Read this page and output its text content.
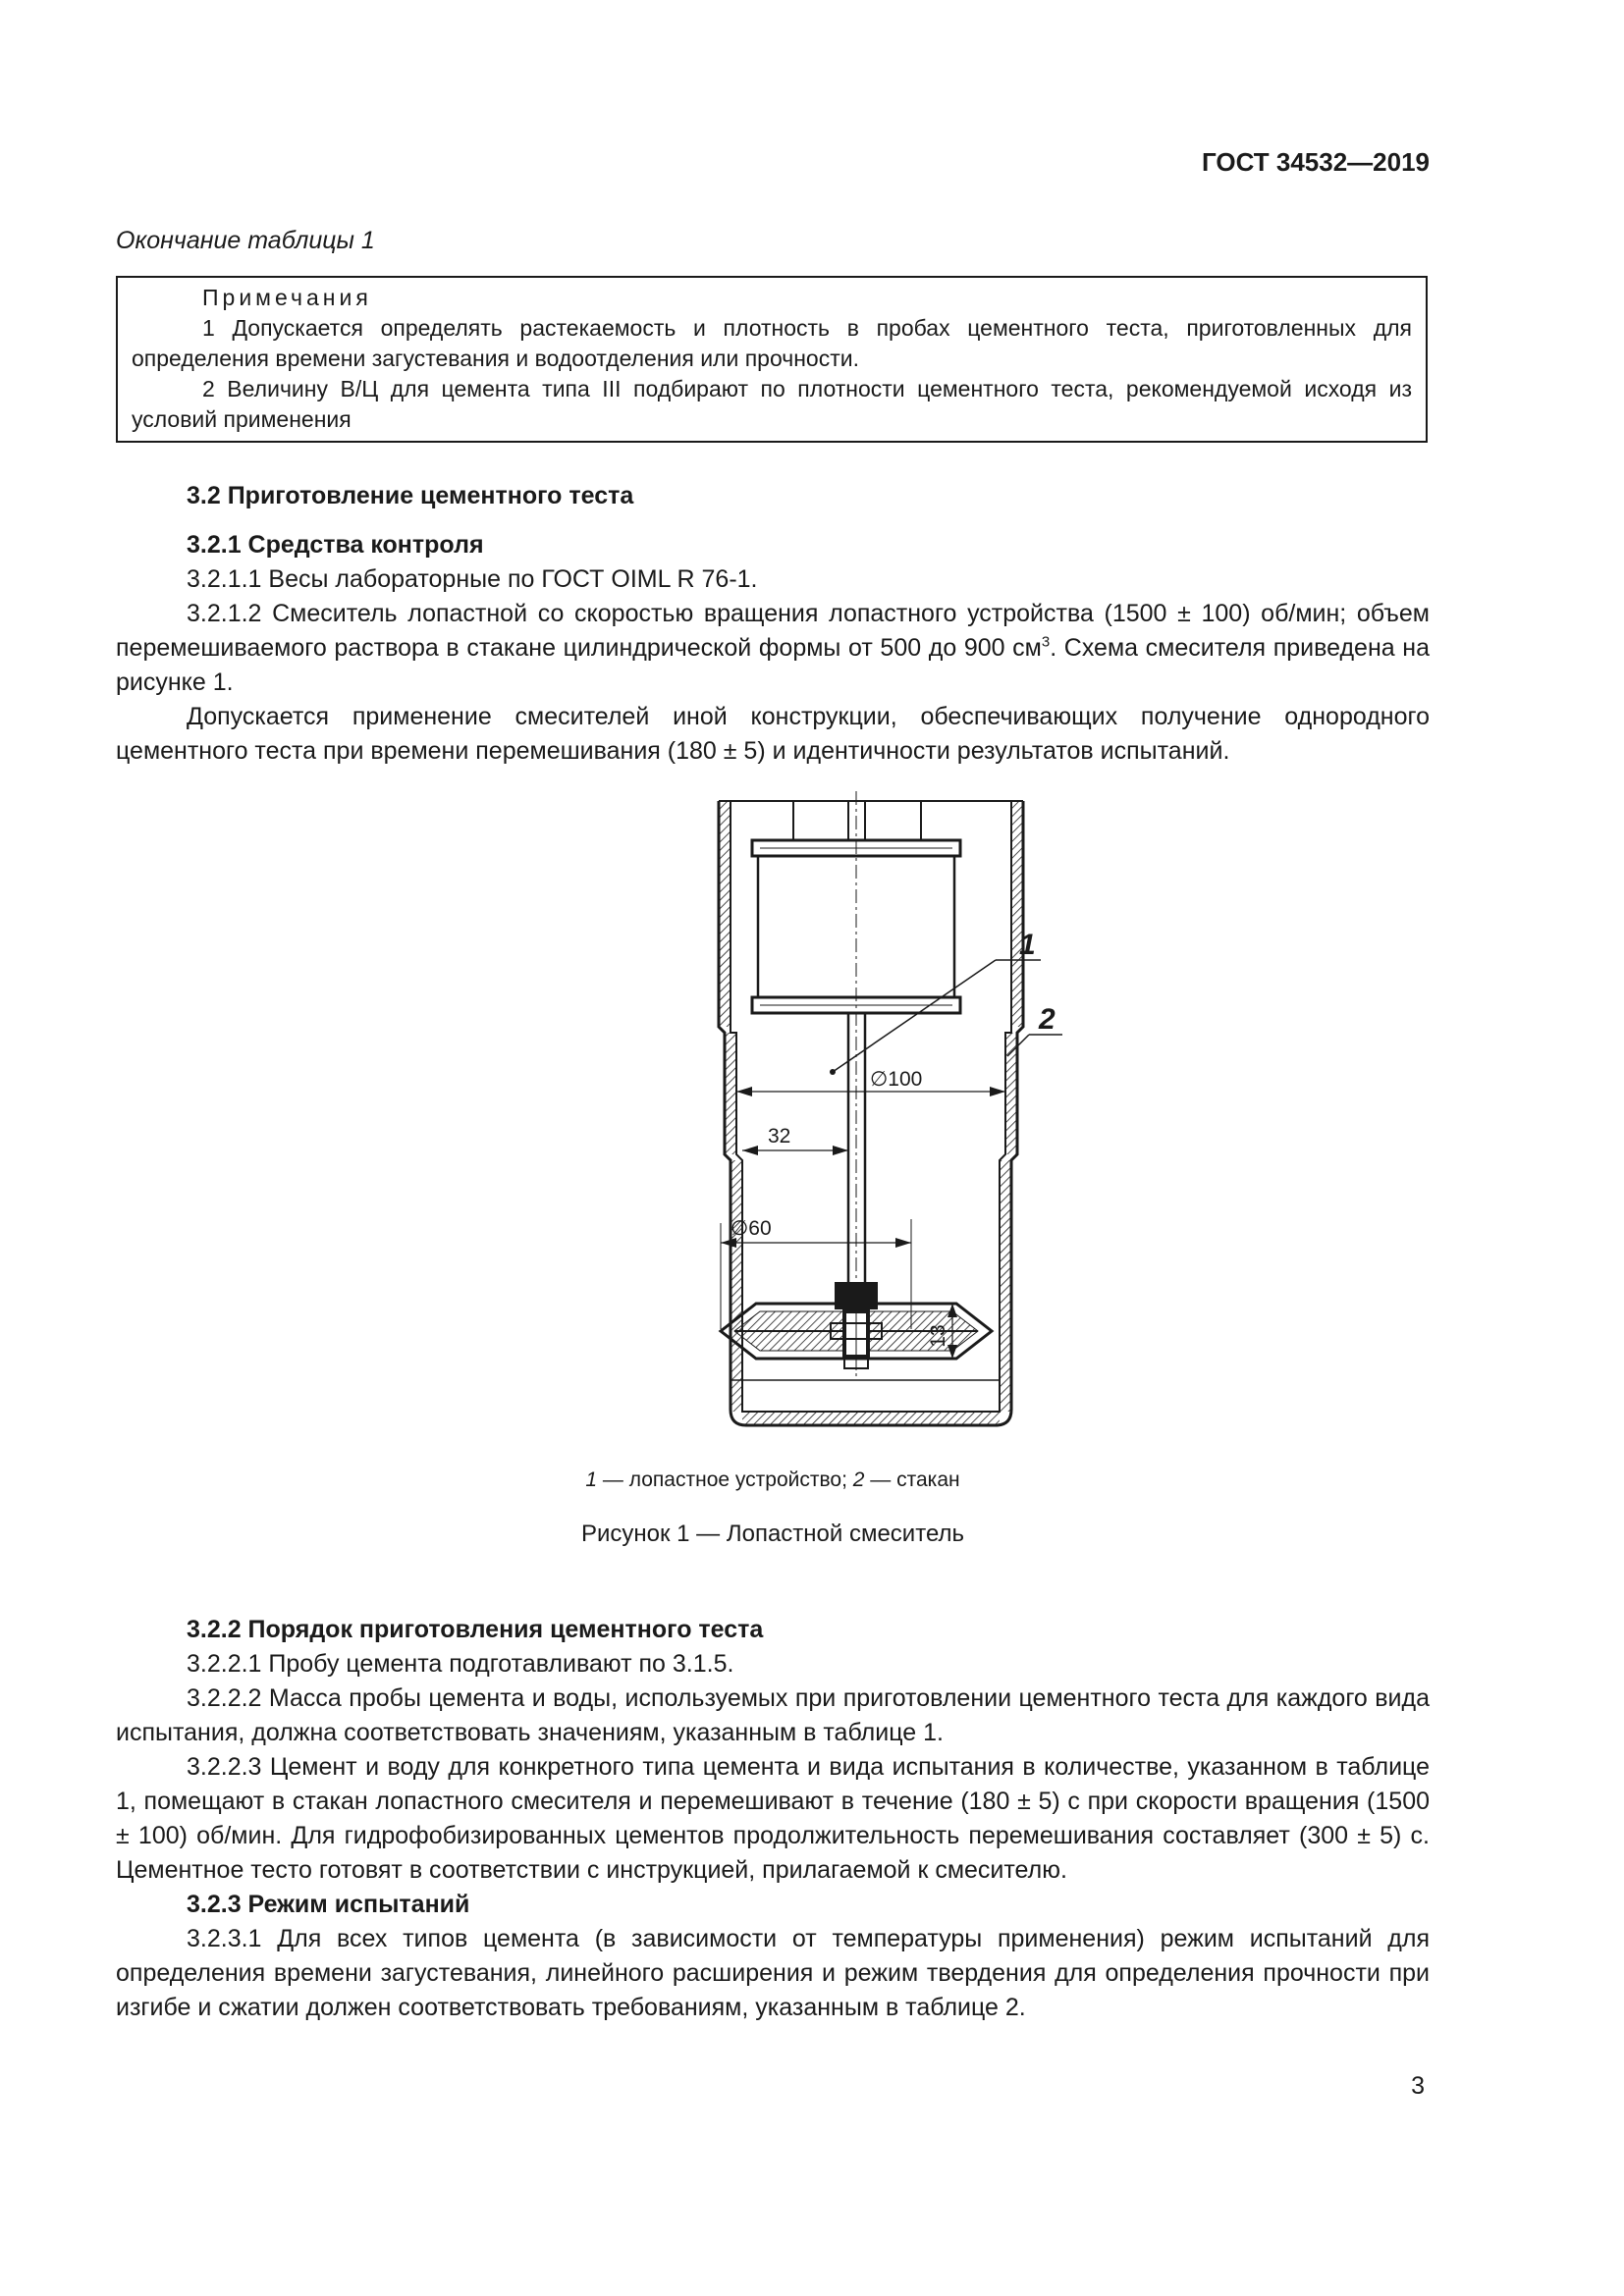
ГОСТ 34532—2019
Окончание таблицы 1
Примечания

1 Допускается определять растекаемость и плотность в пробах цементного теста, приготовленных для определения времени загустевания и водоотделения или прочности.

2 Величину В/Ц для цемента типа III подбирают по плотности цементного теста, рекомендуемой исходя из условий применения

3.2 Приготовление цементного теста
3.2.1 Средства контроля

3.2.1.1 Весы лабораторные по ГОСТ OIML R 76-1.

3.2.1.2 Смеситель лопастной со скоростью вращения лопастного устройства (1500 ± 100) об/мин; объем перемешиваемого раствора в стакане цилиндрической формы от 500 до 900 $см^3$. Схема смесителя приведена на рисунке 1.

Допускается применение смесителей иной конструкции, обеспечивающих получение однородного цементного теста при времени перемешивания (180 ± 5) и идентичности результатов испытаний.

∅100
32
∅60
13
1
2
1 — лопастное устройство; 2 — стакан
Рисунок 1 — Лопастной смеситель
3.2.2 Порядок приготовления цементного теста

3.2.2.1 Пробу цемента подготавливают по 3.1.5.

3.2.2.2 Масса пробы цемента и воды, используемых при приготовлении цементного теста для каждого вида испытания, должна соответствовать значениям, указанным в таблице 1.

3.2.2.3 Цемент и воду для конкретного типа цемента и вида испытания в количестве, указанном в таблице 1, помещают в стакан лопастного смесителя и перемешивают в течение (180 ± 5) с при скорости вращения (1500 ± 100) об/мин. Для гидрофобизированных цементов продолжительность перемешивания составляет (300 ± 5) с. Цементное тесто готовят в соответствии с инструкцией, прилагаемой к смесителю.

3.2.3 Режим испытаний

3.2.3.1 Для всех типов цемента (в зависимости от температуры применения) режим испытаний для определения времени загустевания, линейного расширения и режим твердения для определения прочности при изгибе и сжатии должен соответствовать требованиям, указанным в таблице 2.

3
